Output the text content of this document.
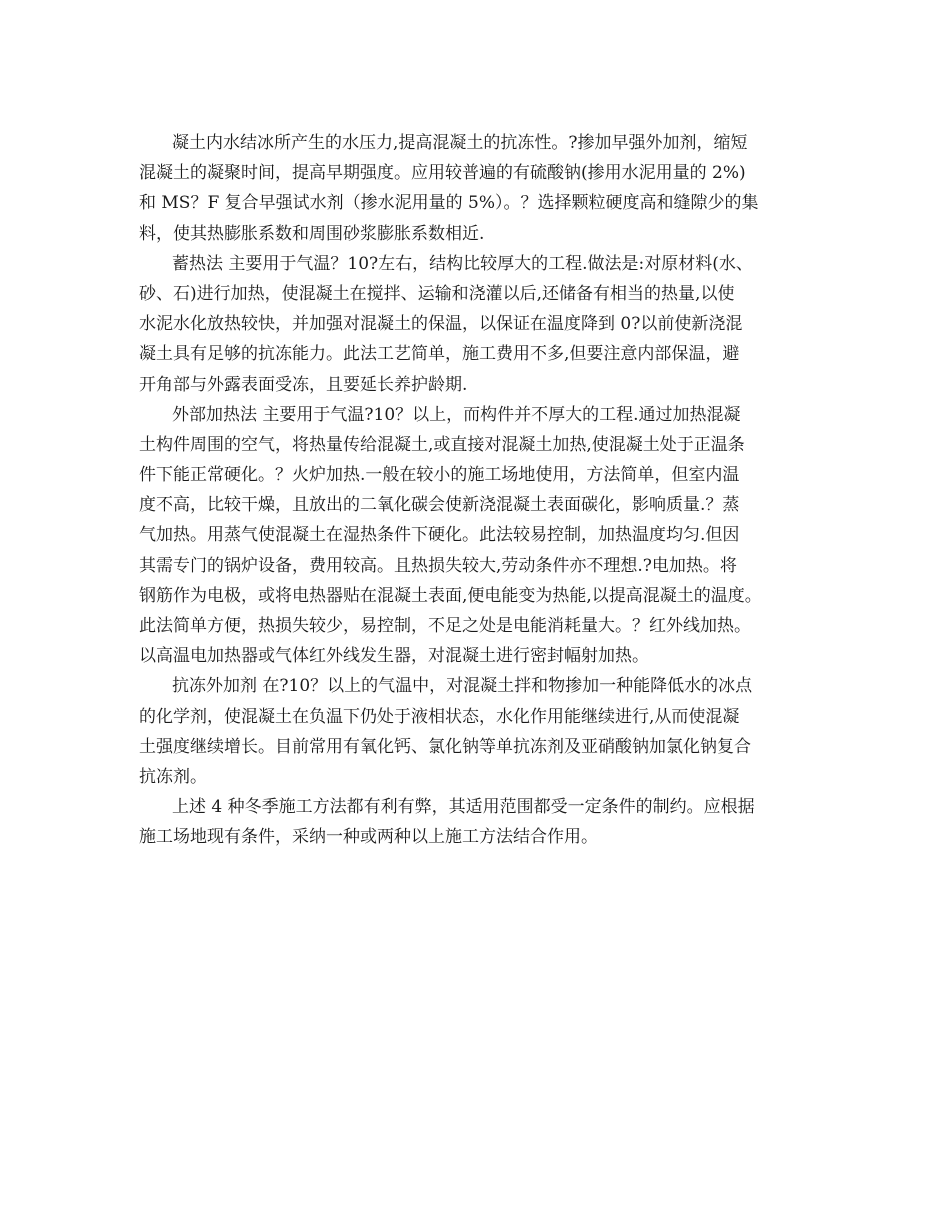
凝土内水结冰所产生的水压力,提高混凝土的抗冻性。?掺加早强外加剂，缩短
混凝土的凝聚时间，提高早期强度。应用较普遍的有硫酸钠(掺用水泥用量的 2%)
和 MS？F 复合早强试水剂（掺水泥用量的 5%）。？选择颗粒硬度高和缝隙少的集
料，使其热膨胀系数和周围砂浆膨胀系数相近.
蓄热法 主要用于气温？10?左右，结构比较厚大的工程.做法是:对原材料(水、
砂、石)进行加热，使混凝土在搅拌、运输和浇灌以后,还储备有相当的热量,以使
水泥水化放热较快，并加强对混凝土的保温，以保证在温度降到 0?以前使新浇混
凝土具有足够的抗冻能力。此法工艺简单，施工费用不多,但要注意内部保温，避
开角部与外露表面受冻，且要延长养护龄期.
外部加热法 主要用于气温?10？以上，而构件并不厚大的工程.通过加热混凝
土构件周围的空气，将热量传给混凝土,或直接对混凝土加热,使混凝土处于正温条
件下能正常硬化。？火炉加热.一般在较小的施工场地使用，方法简单，但室内温
度不高，比较干燥，且放出的二氧化碳会使新浇混凝土表面碳化，影响质量.？蒸
气加热。用蒸气使混凝土在湿热条件下硬化。此法较易控制，加热温度均匀.但因
其需专门的锅炉设备，费用较高。且热损失较大,劳动条件亦不理想.?电加热。将
钢筋作为电极，或将电热器贴在混凝土表面,便电能变为热能,以提高混凝土的温度。
此法简单方便，热损失较少，易控制，不足之处是电能消耗量大。？红外线加热。
以高温电加热器或气体红外线发生器，对混凝土进行密封幅射加热。
抗冻外加剂 在?10？以上的气温中，对混凝土拌和物掺加一种能降低水的冰点
的化学剂，使混凝土在负温下仍处于液相状态，水化作用能继续进行,从而使混凝
土强度继续增长。目前常用有氧化钙、氯化钠等单抗冻剂及亚硝酸钠加氯化钠复合
抗冻剂。
上述 4 种冬季施工方法都有利有弊，其适用范围都受一定条件的制约。应根据
施工场地现有条件，采纳一种或两种以上施工方法结合作用。
